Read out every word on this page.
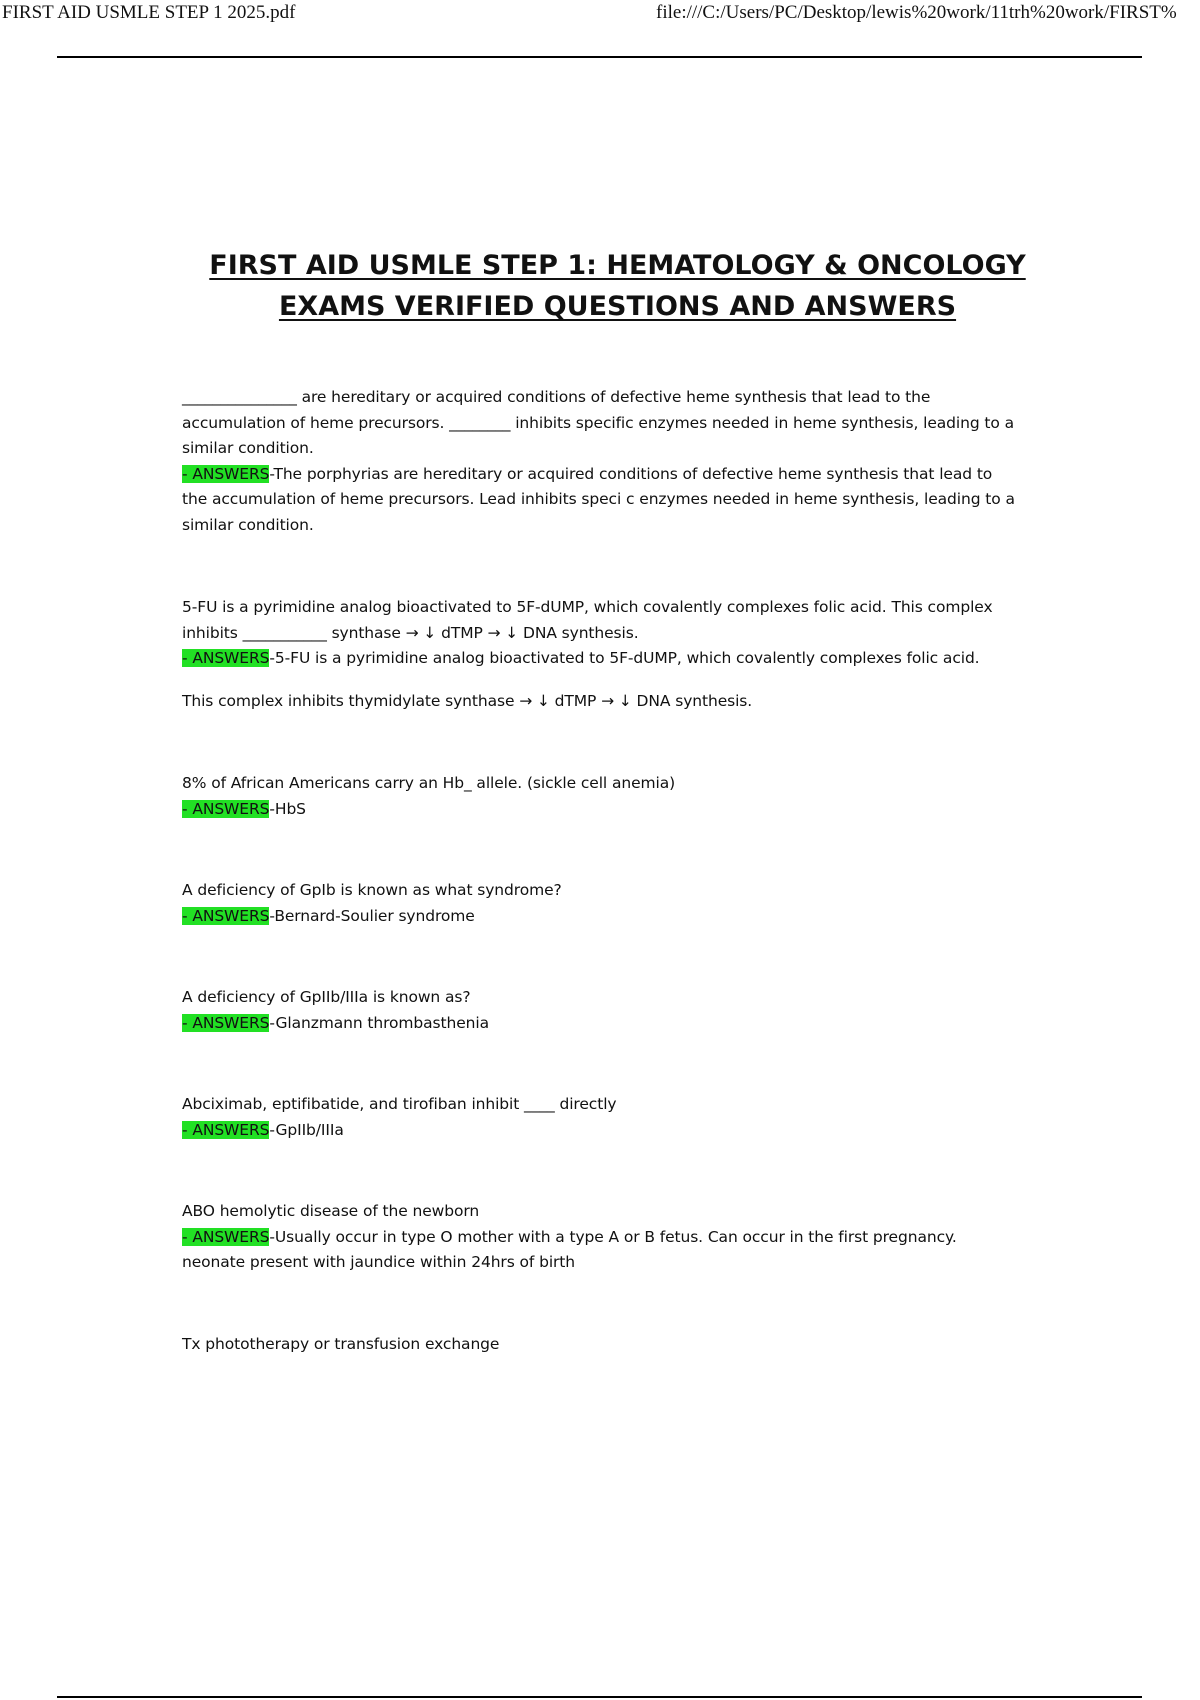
FIRST AID USMLE STEP 1 2025.pdf	file:///C:/Users/PC/Desktop/lewis%20work/11trh%20work/FIRST%
FIRST AID USMLE STEP 1: HEMATOLOGY & ONCOLOGY
EXAMS VERIFIED QUESTIONS AND ANSWERS
_______________ are hereditary or acquired conditions of defective heme synthesis that lead to the
accumulation of heme precursors. ________ inhibits specific enzymes needed in heme synthesis, leading to a
similar condition.
- ANSWERS-The porphyrias are hereditary or acquired conditions of defective heme synthesis that lead to
the accumulation of heme precursors. Lead inhibits speci c enzymes needed in heme synthesis, leading to a
similar condition.
5-FU is a pyrimidine analog bioactivated to 5F-dUMP, which covalently complexes folic acid. This complex
inhibits ___________ synthase → ↓ dTMP → ↓ DNA synthesis.
- ANSWERS-5-FU is a pyrimidine analog bioactivated to 5F-dUMP, which covalently complexes folic acid.
This complex inhibits thymidylate synthase → ↓ dTMP → ↓ DNA synthesis.
8% of African Americans carry an Hb_ allele. (sickle cell anemia)
- ANSWERS-HbS
A deficiency of GpIb is known as what syndrome?
- ANSWERS-Bernard-Soulier syndrome
A deficiency of GpIIb/IIIa is known as?
- ANSWERS-Glanzmann thrombasthenia
Abciximab, eptifibatide, and tirofiban inhibit ____ directly
- ANSWERS-GpIIb/IIIa
ABO hemolytic disease of the newborn
- ANSWERS-Usually occur in type O mother with a type A or B fetus. Can occur in the first pregnancy.
neonate present with jaundice within 24hrs of birth
Tx phototherapy or transfusion exchange
